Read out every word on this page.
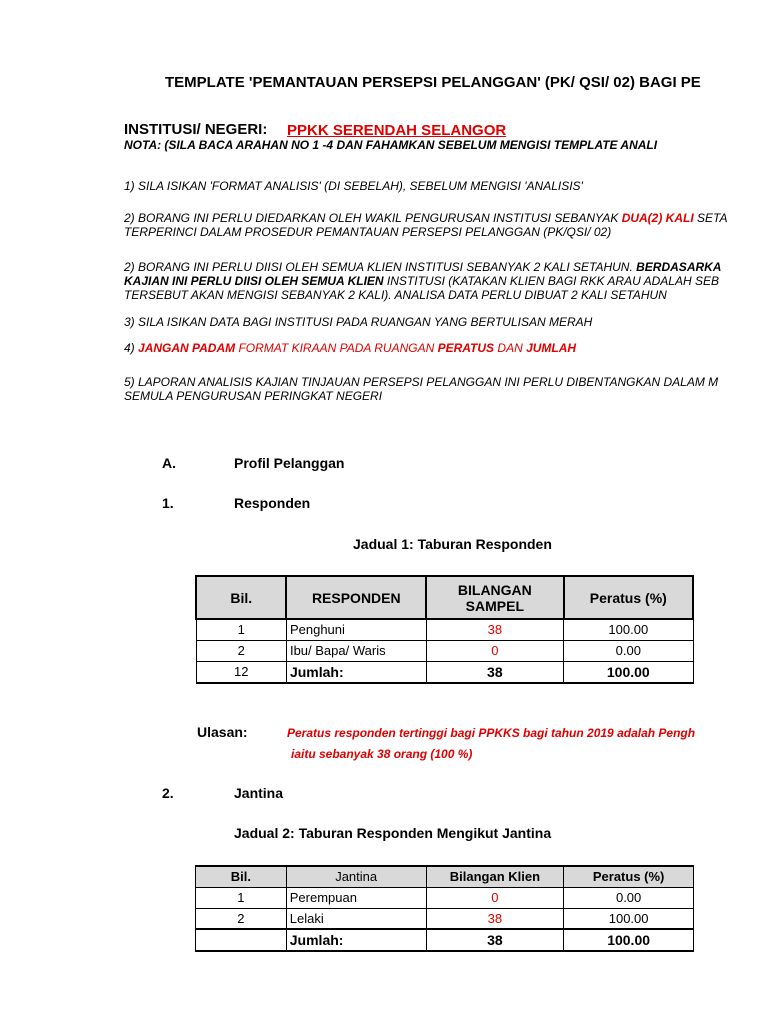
TEMPLATE 'PEMANTAUAN PERSEPSI PELANGGAN' (PK/ QSI/ 02) BAGI PE
INSTITUSI/ NEGERI: PPKK SERENDAH SELANGOR
NOTA: (SILA BACA ARAHAN NO 1 -4 DAN FAHAMKAN SEBELUM MENGISI TEMPLATE ANALI
1) SILA ISIKAN 'FORMAT ANALISIS' (DI SEBELAH), SEBELUM MENGISI 'ANALISIS'
2) BORANG INI PERLU DIEDARKAN OLEH WAKIL PENGURUSAN INSTITUSI SEBANYAK DUA(2) KALI SETA
TERPERINCI DALAM PROSEDUR PEMANTAUAN PERSEPSI PELANGGAN (PK/QSI/ 02)
2) BORANG INI PERLU DIISI OLEH SEMUA KLIEN INSTITUSI SEBANYAK 2 KALI SETAHUN. BERDASARKA
KAJIAN INI PERLU DIISI OLEH SEMUA KLIEN INSTITUSI (KATAKAN KLIEN BAGI RKK ARAU ADALAH SEB
TERSEBUT AKAN MENGISI SEBANYAK 2 KALI). ANALISA DATA PERLU DIBUAT 2 KALI SETAHUN
3) SILA ISIKAN DATA BAGI INSTITUSI PADA RUANGAN YANG BERTULISAN MERAH
4) JANGAN PADAM FORMAT KIRAAN PADA RUANGAN PERATUS DAN JUMLAH
5) LAPORAN ANALISIS KAJIAN TINJAUAN PERSEPSI PELANGGAN INI PERLU DIBENTANGKAN DALAM M
SEMULA PENGURUSAN PERINGKAT NEGERI
A.	Profil Pelanggan
1.	Responden
Jadual 1: Taburan Responden
Bil.	RESPONDEN	BILANGAN SAMPEL	Peratus (%)
1	Penghuni	38	100.00
2	Ibu/ Bapa/ Waris	0	0.00
12	Jumlah:	38	100.00
Ulasan:	Peratus responden tertinggi bagi PPKKS bagi tahun 2019 adalah Pengh
iaitu sebanyak 38 orang (100 %)
2.	Jantina
Jadual 2: Taburan Responden Mengikut Jantina
Bil.	Jantina	Bilangan Klien	Peratus (%)
1	Perempuan	0	0.00
2	Lelaki	38	100.00
	Jumlah:	38	100.00
